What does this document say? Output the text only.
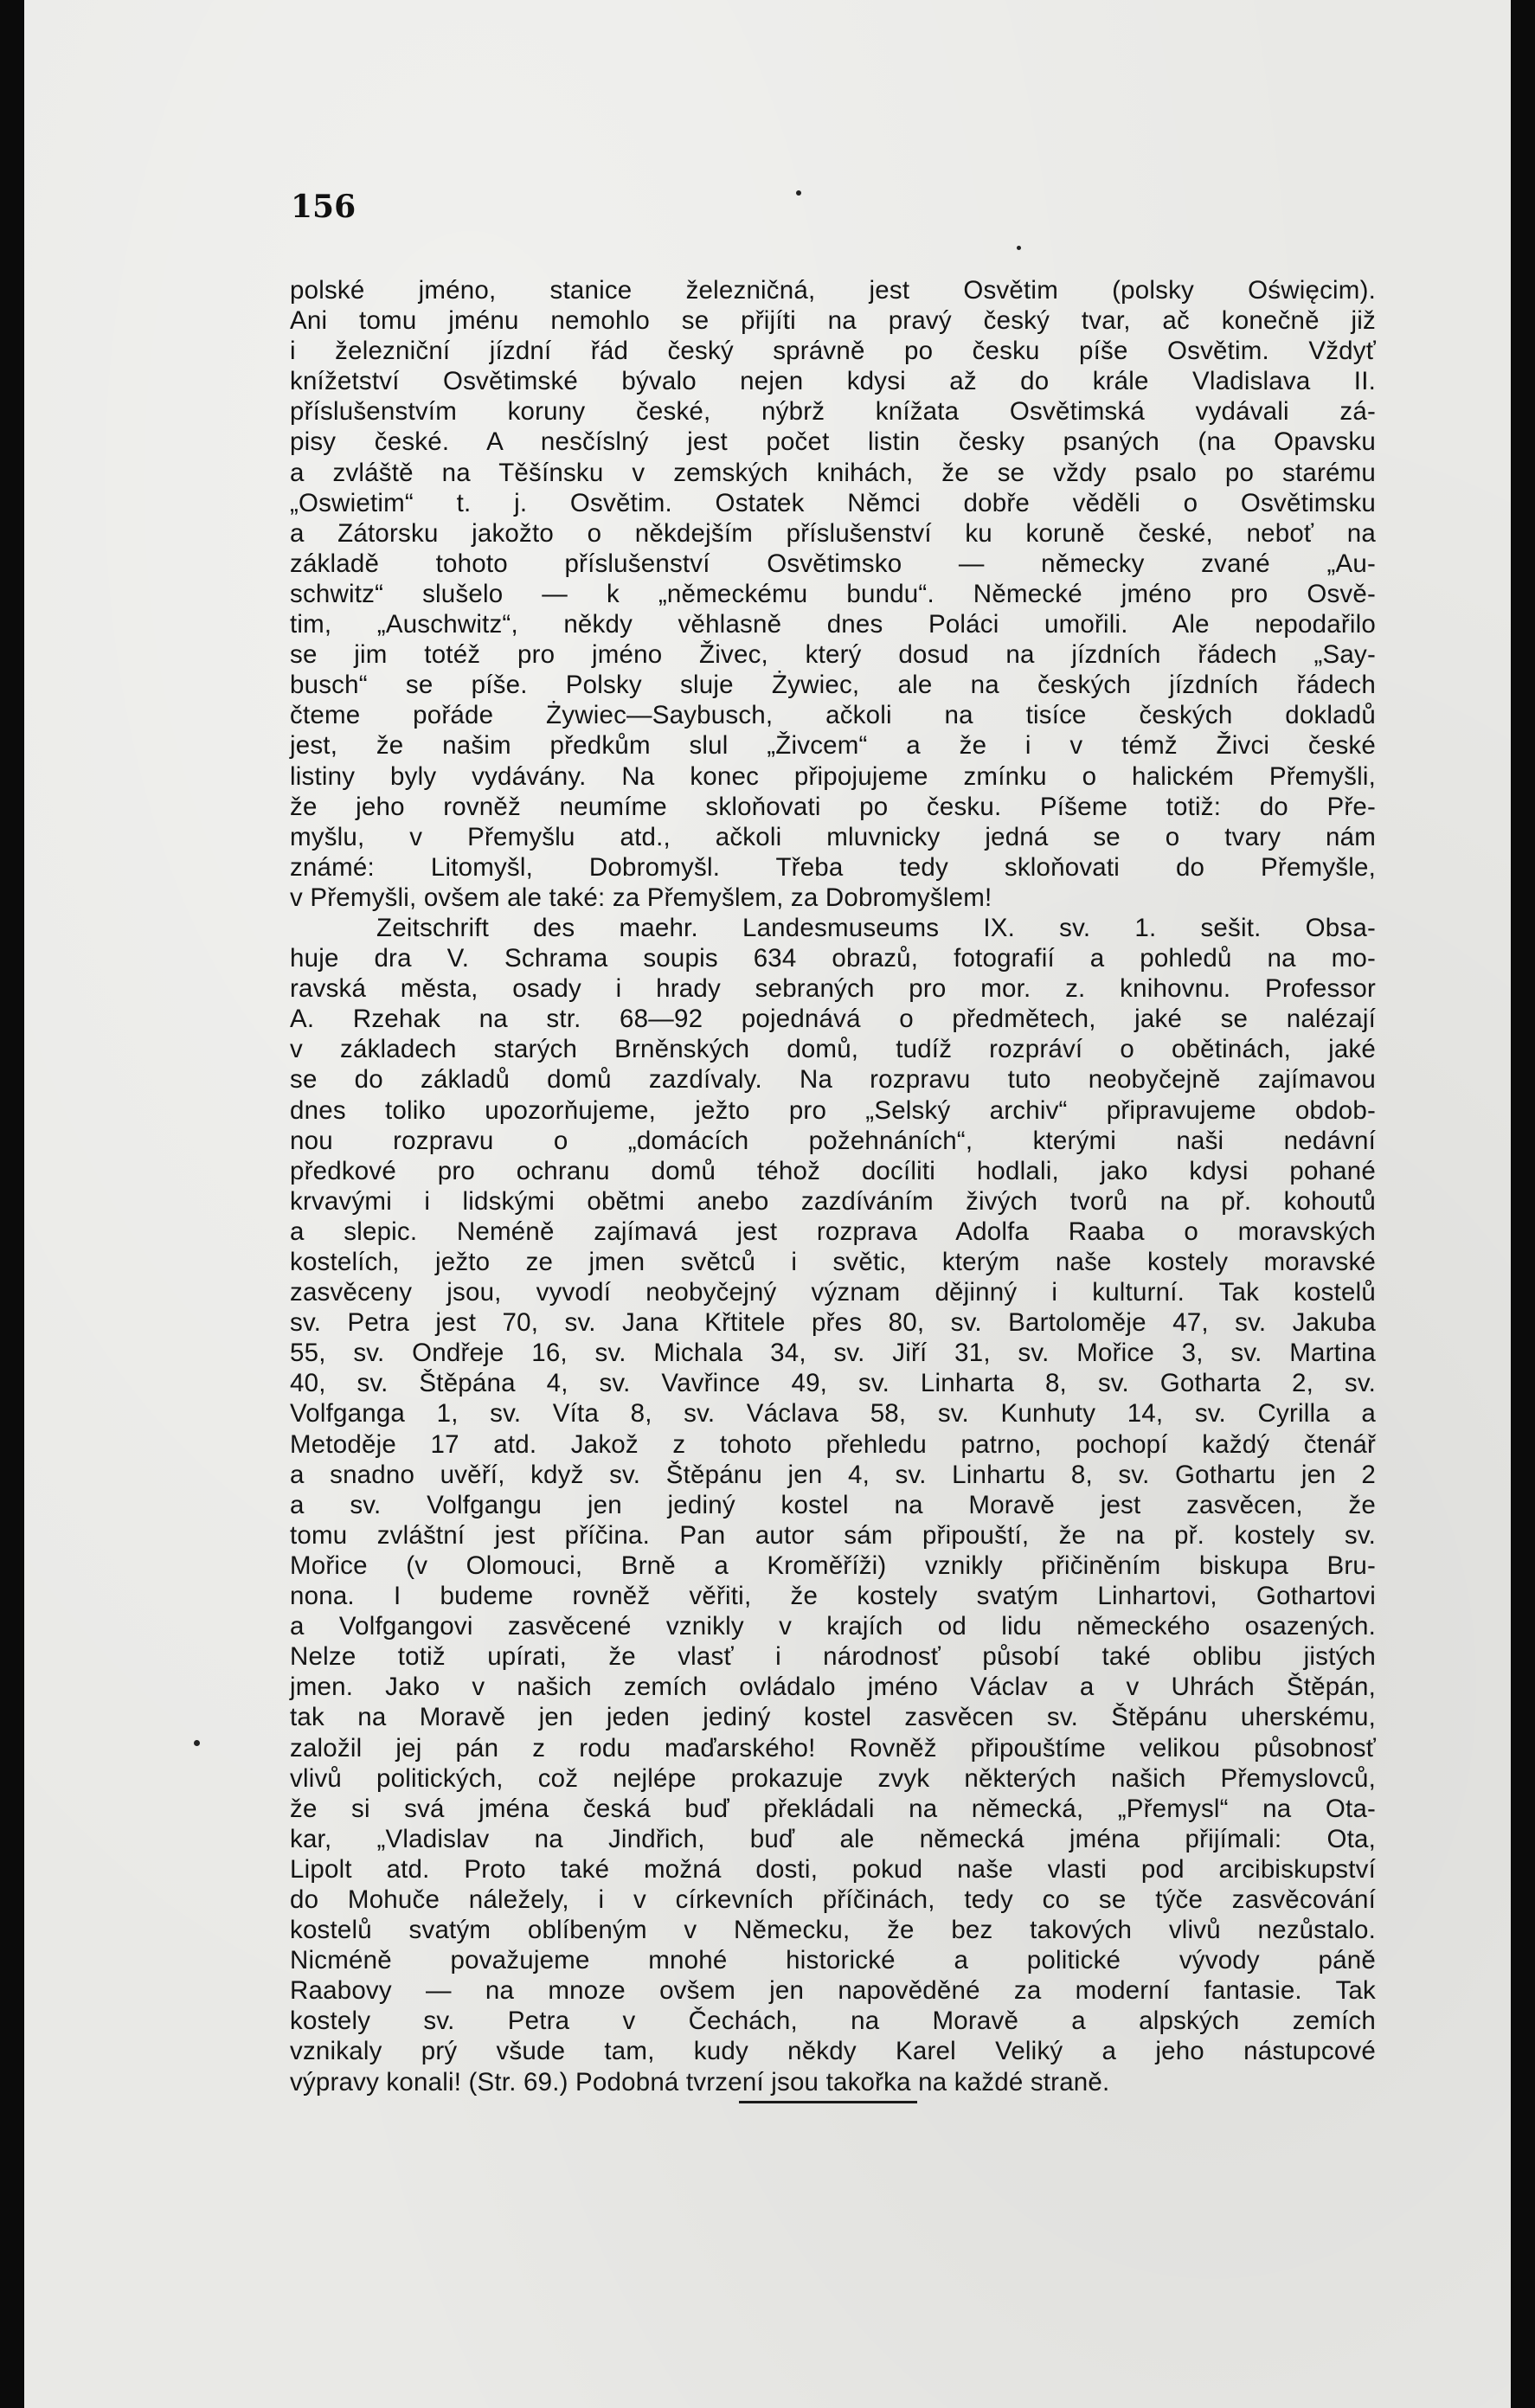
156
polské jméno, stanice železničná, jest Osvětim (polsky Oświęcim).
Ani tomu jménu nemohlo se přijíti na pravý český tvar, ač konečně již
i železniční jízdní řád český správně po česku píše Osvětim. Vždyť
knížetství Osvětimské bývalo nejen kdysi až do krále Vladislava II.
příslušenstvím koruny české, nýbrž knížata Osvětimská vydávali zá-
pisy české. A nesčíslný jest počet listin česky psaných (na Opavsku
a zvláště na Těšínsku v zemských knihách, že se vždy psalo po starému
„Oswietim“ t. j. Osvětim. Ostatek Němci dobře věděli o Osvětimsku
a Zátorsku jakožto o někdejším příslušenství ku koruně české, neboť na
základě tohoto příslušenství Osvětimsko — německy zvané „Au-
schwitz“ slušelo — k „německému bundu“. Německé jméno pro Osvě-
tim, „Auschwitz“, někdy věhlasně dnes Poláci umořili. Ale nepodařilo
se jim totéž pro jméno Živec, který dosud na jízdních řádech „Say-
busch“ se píše. Polsky sluje Żywiec, ale na českých jízdních řádech
čteme pořáde Żywiec—Saybusch, ačkoli na tisíce českých dokladů
jest, že našim předkům slul „Živcem“ a že i v témž Živci české
listiny byly vydávány. Na konec připojujeme zmínku o halickém Přemyšli,
že jeho rovněž neumíme skloňovati po česku. Píšeme totiž: do Pře-
myšlu, v Přemyšlu atd., ačkoli mluvnicky jedná se o tvary nám
známé: Litomyšl, Dobromyšl. Třeba tedy skloňovati do Přemyšle,
v Přemyšli, ovšem ale také: za Přemyšlem, za Dobromyšlem!
Zeitschrift des maehr. Landesmuseums IX. sv. 1. sešit. Obsa-
huje dra V. Schrama soupis 634 obrazů, fotografií a pohledů na mo-
ravská města, osady i hrady sebraných pro mor. z. knihovnu. Professor
A. Rzehak na str. 68—92 pojednává o předmětech, jaké se nalézají
v základech starých Brněnských domů, tudíž rozpráví o obětinách, jaké
se do základů domů zazdívaly. Na rozpravu tuto neobyčejně zajímavou
dnes toliko upozorňujeme, ježto pro „Selský archiv“ připravujeme obdob-
nou rozpravu o „domácích požehnáních“, kterými naši nedávní
předkové pro ochranu domů téhož docíliti hodlali, jako kdysi pohané
krvavými i lidskými obětmi anebo zazdíváním živých tvorů na př. kohoutů
a slepic. Neméně zajímavá jest rozprava Adolfa Raaba o moravských
kostelích, ježto ze jmen světců i světic, kterým naše kostely moravské
zasvěceny jsou, vyvodí neobyčejný význam dějinný i kulturní. Tak kostelů
sv. Petra jest 70, sv. Jana Křtitele přes 80, sv. Bartoloměje 47, sv. Jakuba
55, sv. Ondřeje 16, sv. Michala 34, sv. Jiří 31, sv. Mořice 3, sv. Martina
40, sv. Štěpána 4, sv. Vavřince 49, sv. Linharta 8, sv. Gotharta 2, sv.
Volfganga 1, sv. Víta 8, sv. Václava 58, sv. Kunhuty 14, sv. Cyrilla a
Metoděje 17 atd. Jakož z tohoto přehledu patrno, pochopí každý čtenář
a snadno uvěří, když sv. Štěpánu jen 4, sv. Linhartu 8, sv. Gothartu jen 2
a sv. Volfgangu jen jediný kostel na Moravě jest zasvěcen, že
tomu zvláštní jest příčina. Pan autor sám připouští, že na př. kostely sv.
Mořice (v Olomouci, Brně a Kroměříži) vznikly přičiněním biskupa Bru-
nona. I budeme rovněž věřiti, že kostely svatým Linhartovi, Gothartovi
a Volfgangovi zasvěcené vznikly v krajích od lidu německého osazených.
Nelze totiž upírati, že vlasť i národnosť působí také oblibu jistých
jmen. Jako v našich zemích ovládalo jméno Václav a v Uhrách Štěpán,
tak na Moravě jen jeden jediný kostel zasvěcen sv. Štěpánu uherskému,
založil jej pán z rodu maďarského! Rovněž připouštíme velikou působnosť
vlivů politických, což nejlépe prokazuje zvyk některých našich Přemyslovců,
že si svá jména česká buď překládali na německá, „Přemysl“ na Ota-
kar, „Vladislav na Jindřich, buď ale německá jména přijímali: Ota,
Lipolt atd. Proto také možná dosti, pokud naše vlasti pod arcibiskupství
do Mohuče náležely, i v církevních příčinách, tedy co se týče zasvěcování
kostelů svatým oblíbeným v Německu, že bez takových vlivů nezůstalo.
Nicméně považujeme mnohé historické a politické vývody páně
Raabovy — na mnoze ovšem jen napověděné za moderní fantasie. Tak
kostely sv. Petra v Čechách, na Moravě a alpských zemích
vznikaly prý všude tam, kudy někdy Karel Veliký a jeho nástupcové
výpravy konali! (Str. 69.) Podobná tvrzení jsou takořka na každé straně.
